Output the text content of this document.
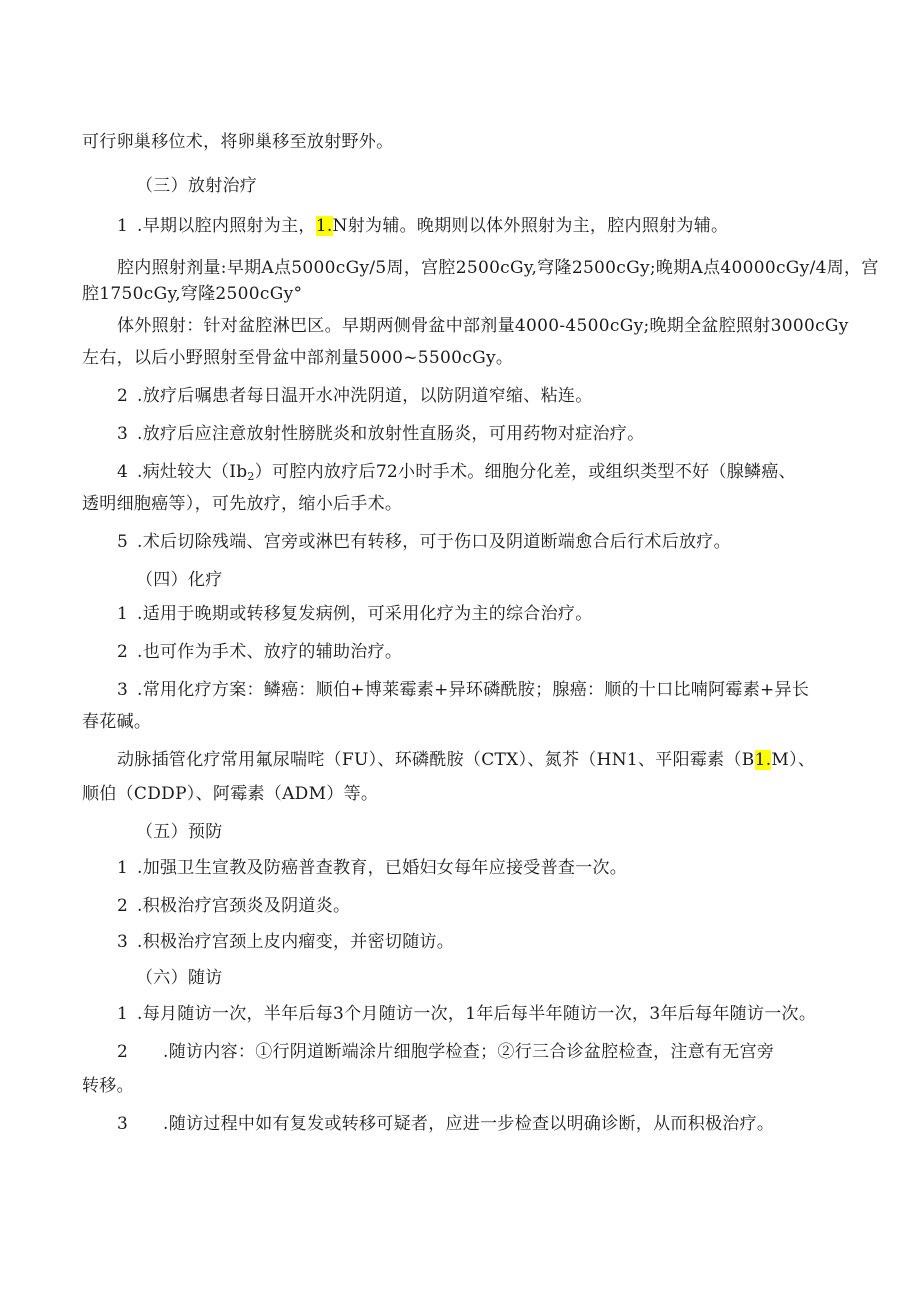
可行卵巢移位术，将卵巢移至放射野外。
（三）放射治疗
1 .早期以腔内照射为主，1.N射为辅。晚期则以体外照射为主，腔内照射为辅。
腔内照射剂量:早期A点5000cGy/5周，宫腔2500cGy,穹隆2500cGy;晚期A点40000cGy/4周，宫
腔1750cGy,穹隆2500cGy°
体外照射：针对盆腔淋巴区。早期两侧骨盆中部剂量4000-4500cGy;晚期全盆腔照射3000cGy
左右，以后小野照射至骨盆中部剂量5000~5500cGy。
2 .放疗后嘱患者每日温开水冲洗阴道，以防阴道窄缩、粘连。
3 .放疗后应注意放射性膀胱炎和放射性直肠炎，可用药物对症治疗。
4 .病灶较大$(Ib_2)$可腔内放疗后72小时手术。细胞分化差，或组织类型不好（腺鳞癌、
透明细胞癌等），可先放疗，缩小后手术。
5 .术后切除残端、宫旁或淋巴有转移，可于伤口及阴道断端愈合后行术后放疗。
（四）化疗
1 .适用于晚期或转移复发病例，可采用化疗为主的综合治疗。
2 .也可作为手术、放疗的辅助治疗。
3 .常用化疗方案：鳞癌：顺伯+博莱霉素+异环磷酰胺；腺癌：顺的十口比喃阿霉素+异长
春花碱。
动脉插管化疗常用氟尿喘咤（FU）、环磷酰胺（CTX）、氮芥（HN1、平阳霉素（B1.M）、
顺伯（CDDP）、阿霉素（ADM）等。
（五）预防
1 .加强卫生宣教及防癌普查教育，已婚妇女每年应接受普查一次。
2 .积极治疗宫颈炎及阴道炎。
3 .积极治疗宫颈上皮内瘤变，并密切随访。
（六）随访
1 .每月随访一次，半年后每3个月随访一次，1年后每半年随访一次，3年后每年随访一次。
2 .随访内容：①行阴道断端涂片细胞学检查；②行三合诊盆腔检查，注意有无宫旁
转移。
3 .随访过程中如有复发或转移可疑者，应进一步检查以明确诊断，从而积极治疗。
